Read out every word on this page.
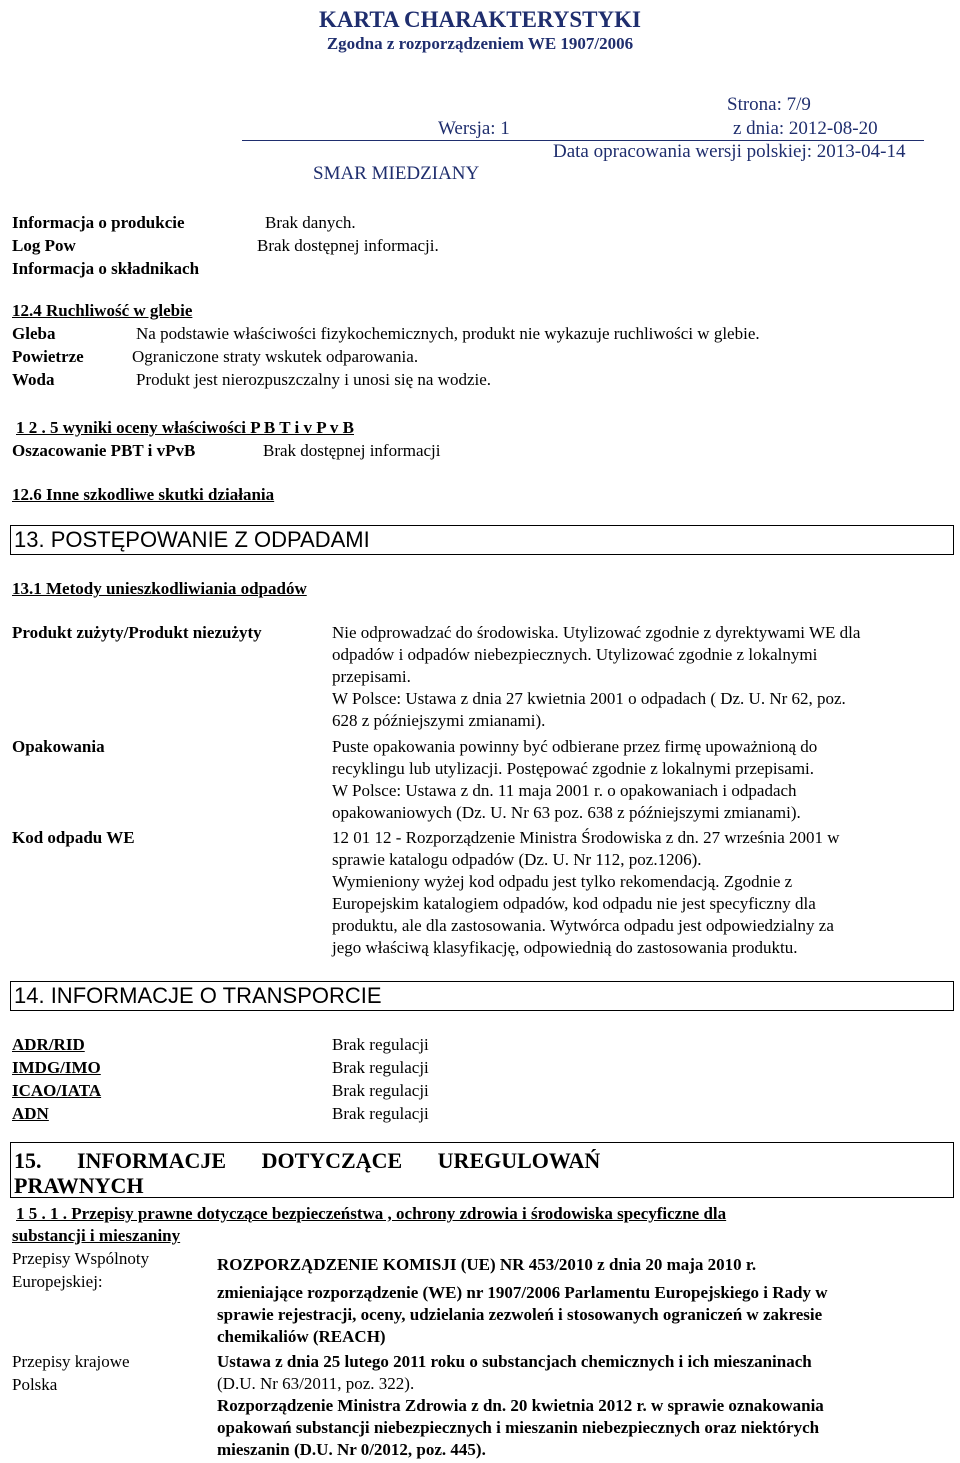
KARTA CHARAKTERYSTYKI
Zgodna z rozporządzeniem WE 1907/2006
Strona: 7/9
Wersja: 1	z dnia: 2012-08-20
Data opracowania wersji polskiej: 2013-04-14
SMAR MIEDZIANY
Informacja o produkcie	Brak danych.
Log Pow	Brak dostępnej informacji.
Informacja o składnikach
12.4 Ruchliwość w glebie
Gleba	Na podstawie właściwości fizykochemicznych, produkt nie wykazuje ruchliwości w glebie.
Powietrze	Ograniczone straty wskutek odparowania.
Woda	Produkt jest nierozpuszczalny i unosi się na wodzie.
1 2 . 5 wyniki oceny właściwości P B T i v P v B
Oszacowanie PBT i vPvB	Brak dostępnej informacji
12.6 Inne szkodliwe skutki działania
13. POSTĘPOWANIE Z ODPADAMI
13.1 Metody unieszkodliwiania odpadów
Produkt zużyty/Produkt niezużyty	Nie odprowadzać do środowiska. Utylizować zgodnie z dyrektywami WE dla
odpadów i odpadów niebezpiecznych. Utylizować zgodnie z lokalnymi
przepisami.
W Polsce: Ustawa z dnia 27 kwietnia 2001 o odpadach ( Dz. U. Nr 62, poz.
628 z późniejszymi zmianami).
Opakowania	Puste opakowania powinny być odbierane przez firmę upoważnioną do
recyklingu lub utylizacji. Postępować zgodnie z lokalnymi przepisami.
W Polsce: Ustawa z dn. 11 maja 2001 r. o opakowaniach i odpadach
opakowaniowych (Dz. U. Nr 63 poz. 638 z późniejszymi zmianami).
Kod odpadu WE	12 01 12 - Rozporządzenie Ministra Środowiska z dn. 27 września 2001 w
sprawie katalogu odpadów (Dz. U. Nr 112, poz.1206).
Wymieniony wyżej kod odpadu jest tylko rekomendacją. Zgodnie z
Europejskim katalogiem odpadów, kod odpadu nie jest specyficzny dla
produktu, ale dla zastosowania. Wytwórca odpadu jest odpowiedzialny za
jego właściwą klasyfikację, odpowiednią do zastosowania produktu.
14. INFORMACJE O TRANSPORCIE
ADR/RID	Brak regulacji
IMDG/IMO	Brak regulacji
ICAO/IATA	Brak regulacji
ADN	Brak regulacji
15. INFORMACJE DOTYCZĄCE UREGULOWAŃ
PRAWNYCH
1 5 . 1 . Przepisy prawne dotyczące bezpieczeństwa , ochrony zdrowia i środowiska specyficzne dla
substancji i mieszaniny
Przepisy Wspólnoty
Europejskiej:
ROZPORZĄDZENIE KOMISJI (UE) NR 453/2010 z dnia 20 maja 2010 r.
zmieniające rozporządzenie (WE) nr 1907/2006 Parlamentu Europejskiego i Rady w
sprawie rejestracji, oceny, udzielania zezwoleń i stosowanych ograniczeń w zakresie
chemikaliów (REACH)
Przepisy krajowe
Polska
Ustawa z dnia 25 lutego 2011 roku o substancjach chemicznych i ich mieszaninach
(D.U. Nr 63/2011, poz. 322).
Rozporządzenie Ministra Zdrowia z dn. 20 kwietnia 2012 r. w sprawie oznakowania
opakowań substancji niebezpiecznych i mieszanin niebezpiecznych oraz niektórych
mieszanin (D.U. Nr 0/2012, poz. 445).
